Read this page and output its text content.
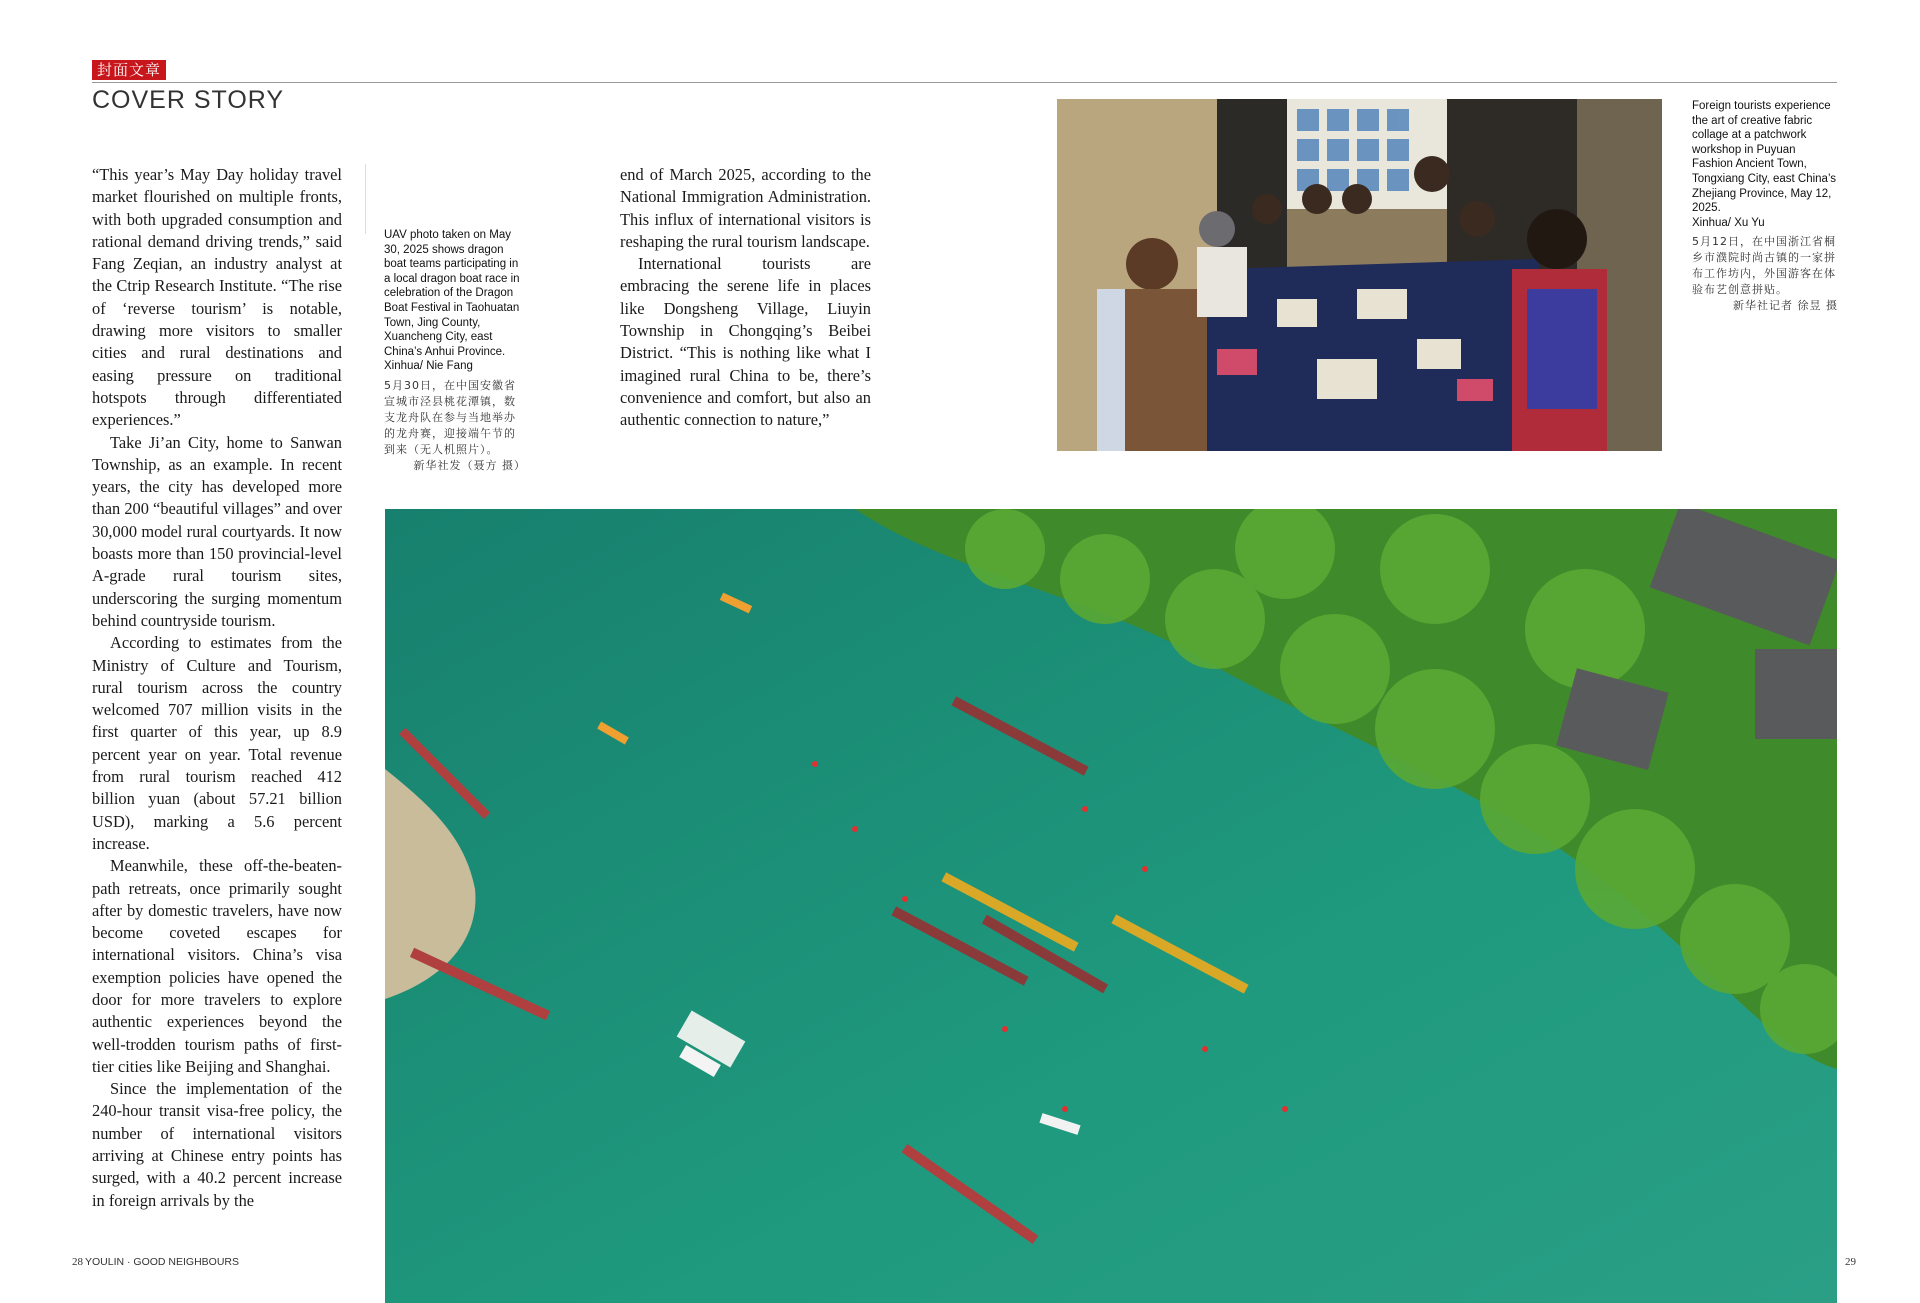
封面文章
COVER STORY

“This year’s May Day holiday travel market flourished on multiple fronts, with both upgraded consumption and rational demand driving trends,” said Fang Zeqian, an industry analyst at the Ctrip Research Institute. “The rise of ‘reverse tourism’ is notable, drawing more visitors to smaller cities and rural destinations and easing pressure on traditional hotspots through differentiated experiences.”

Take Ji’an City, home to Sanwan Township, as an example. In recent years, the city has developed more than 200 “beautiful villages” and over 30,000 model rural courtyards. It now boasts more than 150 provincial-level A-grade rural tourism sites, underscoring the surging momentum behind countryside tourism.

According to estimates from the Ministry of Culture and Tourism, rural tourism across the country welcomed 707 million visits in the first quarter of this year, up 8.9 percent year on year. Total revenue from rural tourism reached 412 billion yuan (about 57.21 billion USD), marking a 5.6 percent increase.

Meanwhile, these off-the-beaten-path retreats, once primarily sought after by domestic travelers, have now become coveted escapes for international visitors. China’s visa exemption policies have opened the door for more travelers to explore authentic experiences beyond the well-trodden tourism paths of first-tier cities like Beijing and Shanghai.

Since the implementation of the 240-hour transit visa-free policy, the number of international visitors arriving at Chinese entry points has surged, with a 40.2 percent increase in foreign arrivals by the

UAV photo taken on May 30, 2025 shows dragon boat teams participating in a local dragon boat race in celebration of the Dragon Boat Festival in Taohuatan Town, Jing County, Xuancheng City, east China’s Anhui Province.
Xinhua/ Nie Fang
5月30日，在中国安徽省宣城市泾县桃花潭镇，数支龙舟队在参与当地举办的龙舟赛，迎接端午节的到来（无人机照片）。
新华社发（聂方 摄）

end of March 2025, according to the National Immigration Administration. This influx of international visitors is reshaping the rural tourism landscape.

International tourists are embracing the serene life in places like Dongsheng Village, Liuyin Township in Chongqing’s Beibei District. “This is nothing like what I imagined rural China to be, there’s convenience and comfort, but also an authentic connection to nature,”

Foreign tourists experience the art of creative fabric collage at a patchwork workshop in Puyuan Fashion Ancient Town, Tongxiang City, east China’s Zhejiang Province, May 12, 2025.
Xinhua/ Xu Yu
5月12日，在中国浙江省桐乡市濮院时尚古镇的一家拼布工作坊内，外国游客在体验布艺创意拼贴。
新华社记者 徐昱 摄
28 YOULIN · GOOD NEIGHBOURS	29
